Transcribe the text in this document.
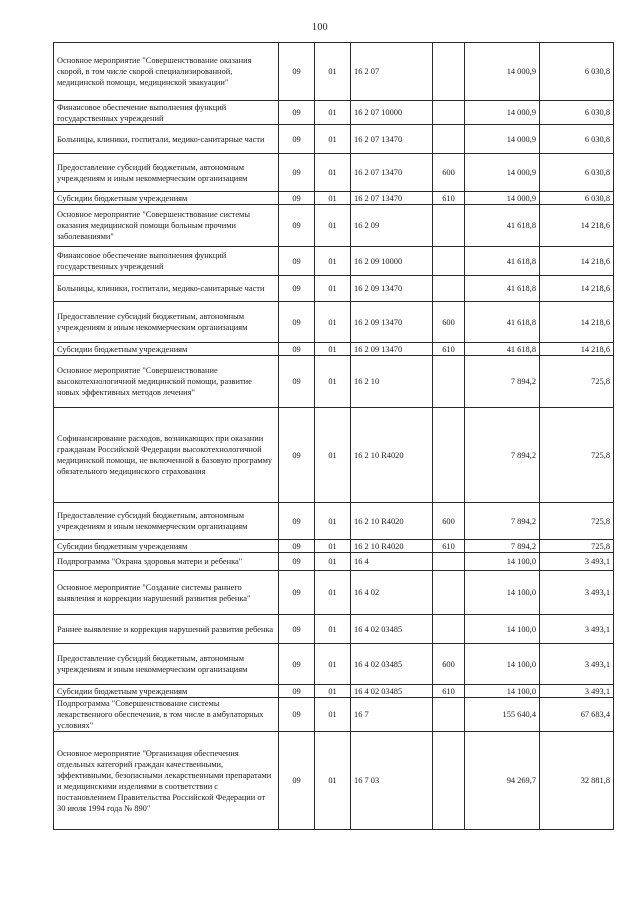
100
Основное мероприятие "Совершенствование оказания скорой, в том числе скорой специализированной, медицинской помощи, медицинской эвакуации"	09	01	16 2 07		14 000,9	6 030,8
Финансовое обеспечение выполнения функций государственных учреждений	09	01	16 2 07 10000		14 000,9	6 030,8
Больницы, клиники, госпитали, медико-санитарные части	09	01	16 2 07 13470		14 000,9	6 030,8
Предоставление субсидий бюджетным, автономным учреждениям и иным некоммерческим организациям	09	01	16 2 07 13470	600	14 000,9	6 030,8
Субсидии бюджетным учреждениям	09	01	16 2 07 13470	610	14 000,9	6 030,8
Основное мероприятие "Совершенствование системы оказания медицинской помощи больным прочими заболеваниями"	09	01	16 2 09		41 618,8	14 218,6
Финансовое обеспечение выполнения функций государственных учреждений	09	01	16 2 09 10000		41 618,8	14 218,6
Больницы, клиники, госпитали, медико-санитарные части	09	01	16 2 09 13470		41 618,8	14 218,6
Предоставление субсидий бюджетным, автономным учреждениям и иным некоммерческим организациям	09	01	16 2 09 13470	600	41 618,8	14 218,6
Субсидии бюджетным учреждениям	09	01	16 2 09 13470	610	41 618,8	14 218,6
Основное мероприятие "Совершенствование высокотехнологичной медицинской помощи, развитие новых эффективных методов лечения"	09	01	16 2 10		7 894,2	725,8
Софинансирование расходов, возникающих при оказании гражданам Российской Федерации высокотехнологичной медицинской помощи, не включенной в базовую программу обязательного медицинского страхования	09	01	16 2 10 R4020		7 894,2	725,8
Предоставление субсидий бюджетным, автономным учреждениям и иным некоммерческим организациям	09	01	16 2 10 R4020	600	7 894,2	725,8
Субсидии бюджетным учреждениям	09	01	16 2 10 R4020	610	7 894,2	725,8
Подпрограмма "Охрана здоровья матери и ребенка"	09	01	16 4		14 100,0	3 493,1
Основное мероприятие "Создание системы раннего выявления и коррекции нарушений развития ребенка"	09	01	16 4 02		14 100,0	3 493,1
Раннее выявление и коррекция нарушений развития ребенка	09	01	16 4 02 03485		14 100,0	3 493,1
Предоставление субсидий бюджетным, автономным учреждениям и иным некоммерческим организациям	09	01	16 4 02 03485	600	14 100,0	3 493,1
Субсидии бюджетным учреждениям	09	01	16 4 02 03485	610	14 100,0	3 493,1
Подпрограмма "Совершенствование системы лекарственного обеспечения, в том числе в амбулаторных условиях"	09	01	16 7		155 640,4	67 683,4
Основное мероприятие "Организация обеспечения отдельных категорий граждан качественными, эффективными, безопасными лекарственными препаратами и медицинскими изделиями в соответствии с постановлением Правительства Российской Федерации от 30 июля 1994 года № 890"	09	01	16 7 03		94 269,7	32 881,8
